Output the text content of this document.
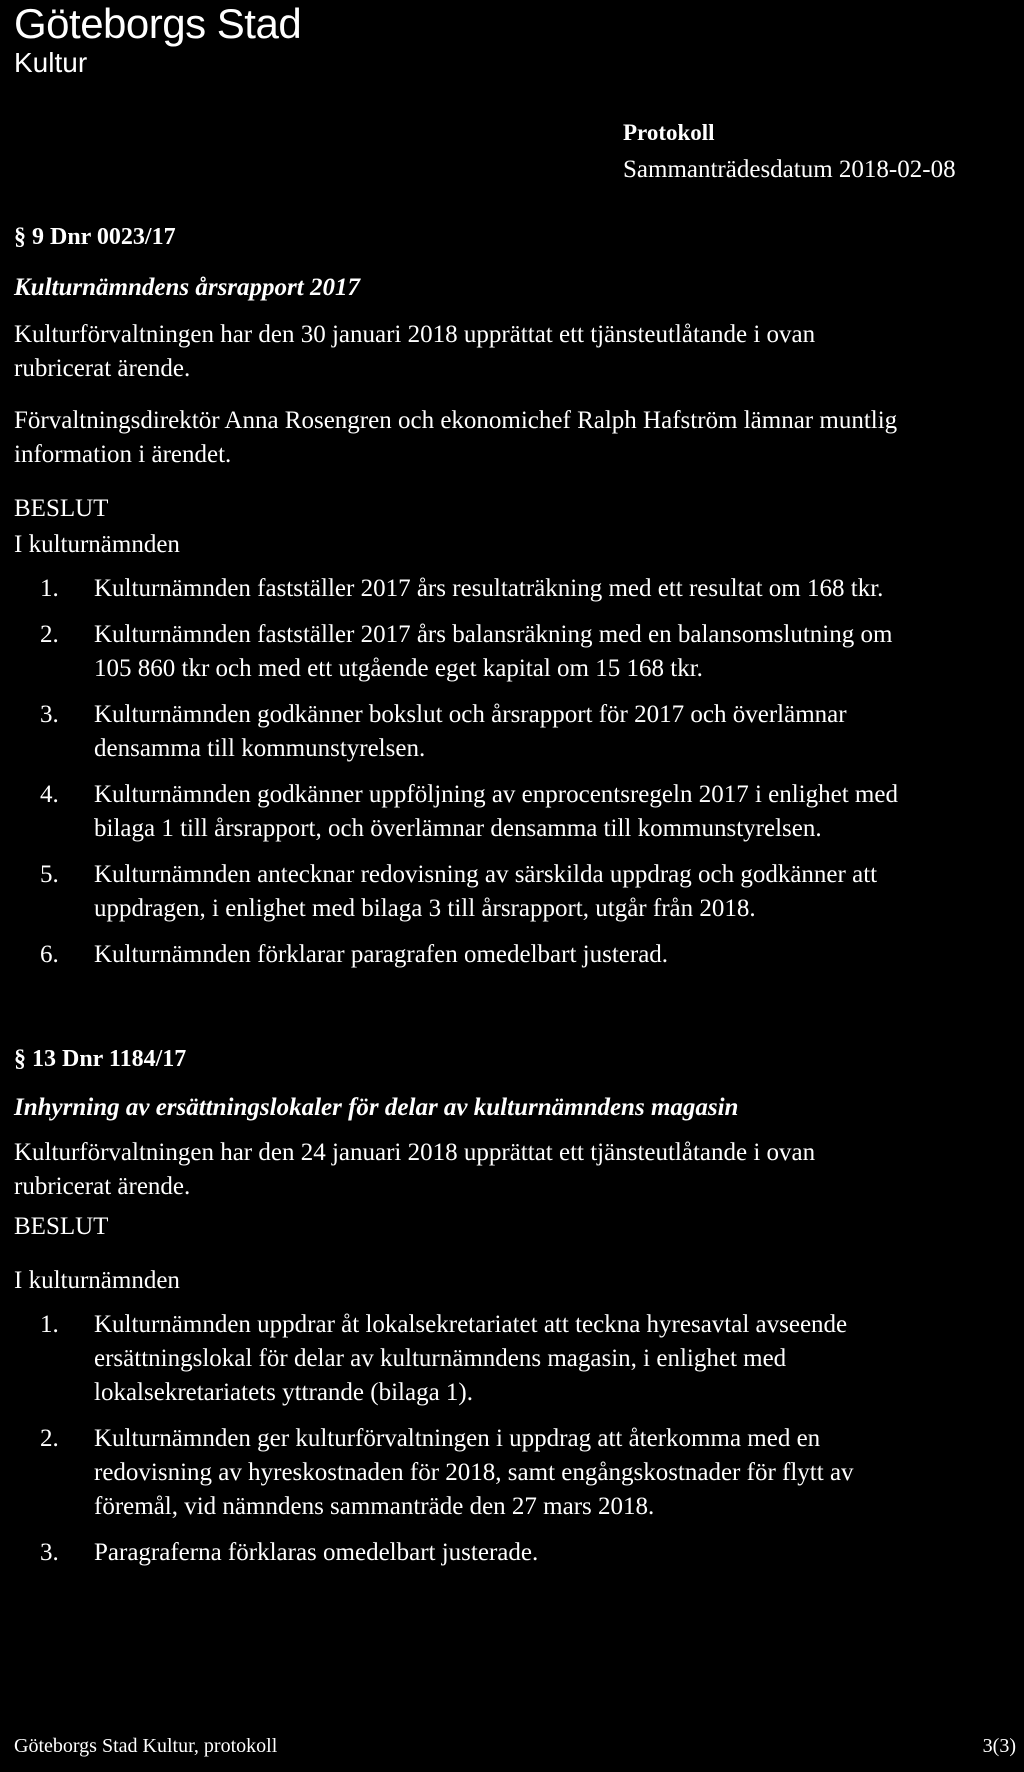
Göteborgs Stad
Kultur
Protokoll
Sammanträdesdatum 2018-02-08
§ 9 Dnr 0023/17
Kulturnämndens årsrapport 2017
Kulturförvaltningen har den 30 januari 2018 upprättat ett tjänsteutlåtande i ovan
rubricerat ärende.
Förvaltningsdirektör Anna Rosengren och ekonomichef Ralph Hafström lämnar muntlig
information i ärendet.
BESLUT
I kulturnämnden
1. Kulturnämnden fastställer 2017 års resultaträkning med ett resultat om 168 tkr.
2. Kulturnämnden fastställer 2017 års balansräkning med en balansomslutning om
105 860 tkr och med ett utgående eget kapital om 15 168 tkr.
3. Kulturnämnden godkänner bokslut och årsrapport för 2017 och överlämnar
densamma till kommunstyrelsen.
4. Kulturnämnden godkänner uppföljning av enprocentsregeln 2017 i enlighet med
bilaga 1 till årsrapport, och överlämnar densamma till kommunstyrelsen.
5. Kulturnämnden antecknar redovisning av särskilda uppdrag och godkänner att
uppdragen, i enlighet med bilaga 3 till årsrapport, utgår från 2018.
6. Kulturnämnden förklarar paragrafen omedelbart justerad.
§ 13 Dnr 1184/17
Inhyrning av ersättningslokaler för delar av kulturnämndens magasin
Kulturförvaltningen har den 24 januari 2018 upprättat ett tjänsteutlåtande i ovan
rubricerat ärende.
BESLUT
I kulturnämnden
1. Kulturnämnden uppdrar åt lokalsekretariatet att teckna hyresavtal avseende
ersättningslokal för delar av kulturnämndens magasin, i enlighet med
lokalsekretariatets yttrande (bilaga 1).
2. Kulturnämnden ger kulturförvaltningen i uppdrag att återkomma med en
redovisning av hyreskostnaden för 2018, samt engångskostnader för flytt av
föremål, vid nämndens sammanträde den 27 mars 2018.
3. Paragraferna förklaras omedelbart justerade.
Göteborgs Stad Kultur, protokoll	3(3)
